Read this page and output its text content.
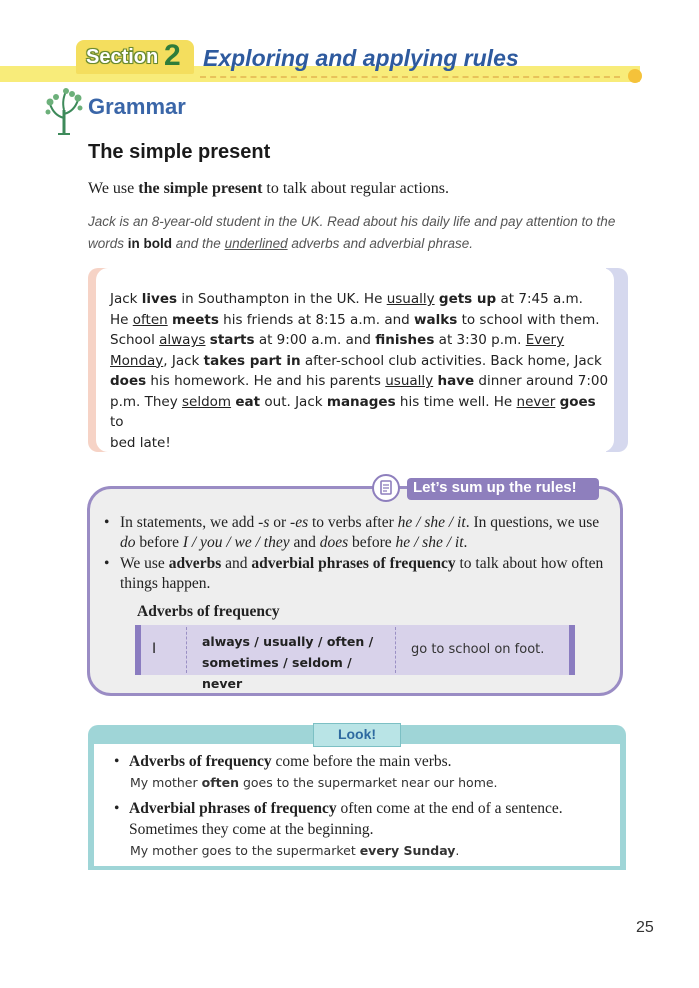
Section 2 Exploring and applying rules
Grammar
The simple present
We use the simple present to talk about regular actions.
Jack is an 8-year-old student in the UK. Read about his daily life and pay attention to the words in bold and the underlined adverbs and adverbial phrase.
Jack lives in Southampton in the UK. He usually gets up at 7:45 a.m.
He often meets his friends at 8:15 a.m. and walks to school with them.
School always starts at 9:00 a.m. and finishes at 3:30 p.m. Every Monday, Jack takes part in after-school club activities. Back home, Jack
does his homework. He and his parents usually have dinner around 7:00
p.m. They seldom eat out. Jack manages his time well. He never goes to
bed late!
Let’s sum up the rules!
• In statements, we add -s or -es to verbs after he / she / it. In questions, we use do before I / you / we / they and does before he / she / it.
• We use adverbs and adverbial phrases of frequency to talk about how often things happen.
Adverbs of frequency
I	always / usually / often /
sometimes / seldom / never
go to school on foot.
Look!
• Adverbs of frequency come before the main verbs.
My mother often goes to the supermarket near our home.
• Adverbial phrases of frequency often come at the end of a sentence.
Sometimes they come at the beginning.
My mother goes to the supermarket every Sunday.
25
